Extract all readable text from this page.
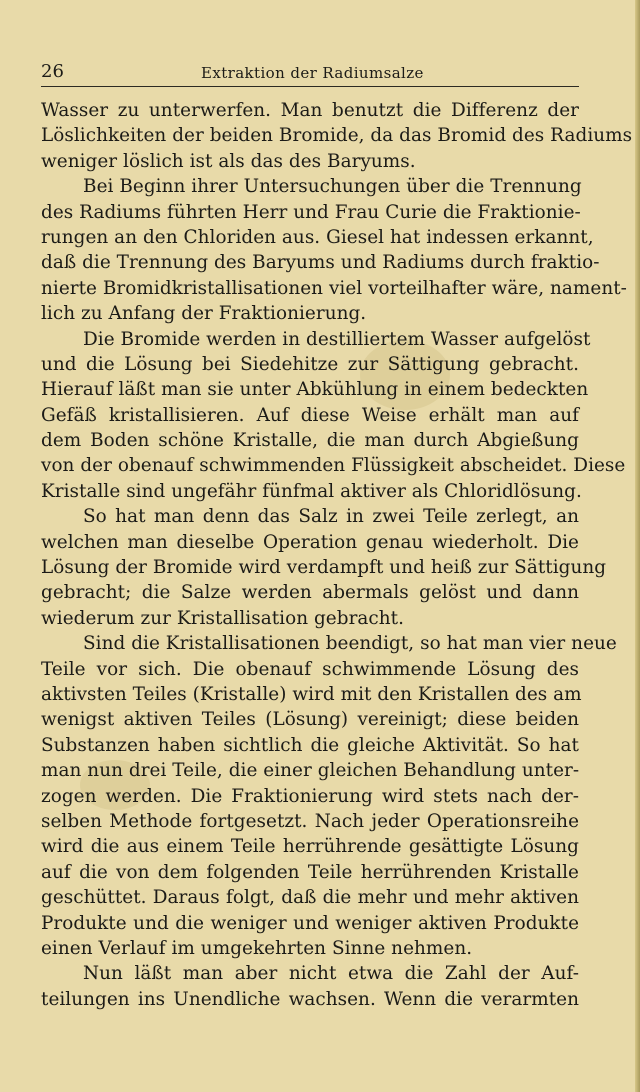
26	Extraktion der Radiumsalze
Wasser zu unterwerfen. Man benutzt die Differenz der
Löslichkeiten der beiden Bromide, da das Bromid des Radiums
weniger löslich ist als das des Baryums.
Bei Beginn ihrer Untersuchungen über die Trennung
des Radiums führten Herr und Frau Curie die Fraktionie-
rungen an den Chloriden aus. Giesel hat indessen erkannt,
daß die Trennung des Baryums und Radiums durch fraktio-
nierte Bromidkristallisationen viel vorteilhafter wäre, nament-
lich zu Anfang der Fraktionierung.
Die Bromide werden in destilliertem Wasser aufgelöst
und die Lösung bei Siedehitze zur Sättigung gebracht.
Hierauf läßt man sie unter Abkühlung in einem bedeckten
Gefäß kristallisieren. Auf diese Weise erhält man auf
dem Boden schöne Kristalle, die man durch Abgießung
von der obenauf schwimmenden Flüssigkeit abscheidet. Diese
Kristalle sind ungefähr fünfmal aktiver als Chloridlösung.
So hat man denn das Salz in zwei Teile zerlegt, an
welchen man dieselbe Operation genau wiederholt. Die
Lösung der Bromide wird verdampft und heiß zur Sättigung
gebracht; die Salze werden abermals gelöst und dann
wiederum zur Kristallisation gebracht.
Sind die Kristallisationen beendigt, so hat man vier neue
Teile vor sich. Die obenauf schwimmende Lösung des
aktivsten Teiles (Kristalle) wird mit den Kristallen des am
wenigst aktiven Teiles (Lösung) vereinigt; diese beiden
Substanzen haben sichtlich die gleiche Aktivität. So hat
man nun drei Teile, die einer gleichen Behandlung unter-
zogen werden. Die Fraktionierung wird stets nach der-
selben Methode fortgesetzt. Nach jeder Operationsreihe
wird die aus einem Teile herrührende gesättigte Lösung
auf die von dem folgenden Teile herrührenden Kristalle
geschüttet. Daraus folgt, daß die mehr und mehr aktiven
Produkte und die weniger und weniger aktiven Produkte
einen Verlauf im umgekehrten Sinne nehmen.
Nun läßt man aber nicht etwa die Zahl der Auf-
teilungen ins Unendliche wachsen. Wenn die verarmten
